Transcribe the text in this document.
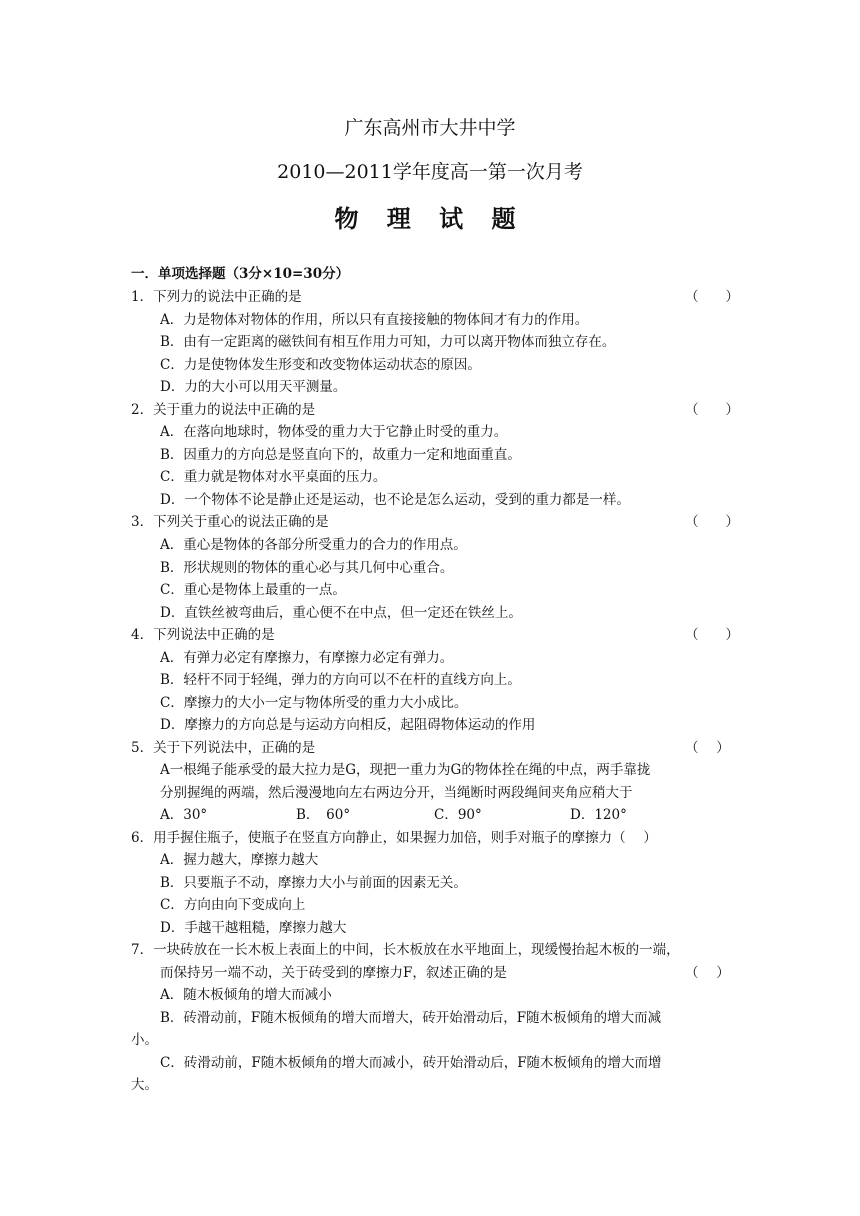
广东高州市大井中学
2010—2011学年度高一第一次月考
物 理 试 题
一．单项选择题（3分×10=30分）
1．下列力的说法中正确的是	（　　）
A．力是物体对物体的作用，所以只有直接接触的物体间才有力的作用。
B．由有一定距离的磁铁间有相互作用力可知，力可以离开物体而独立存在。
C．力是使物体发生形变和改变物体运动状态的原因。
D．力的大小可以用天平测量。
2．关于重力的说法中正确的是	（　　）
A．在落向地球时，物体受的重力大于它静止时受的重力。
B．因重力的方向总是竖直向下的，故重力一定和地面重直。
C．重力就是物体对水平桌面的压力。
D．一个物体不论是静止还是运动，也不论是怎么运动，受到的重力都是一样。
3．下列关于重心的说法正确的是	（　　）
A．重心是物体的各部分所受重力的合力的作用点。
B．形状规则的物体的重心必与其几何中心重合。
C．重心是物体上最重的一点。
D．直铁丝被弯曲后，重心便不在中点，但一定还在铁丝上。
4．下列说法中正确的是	（　　）
A．有弹力必定有摩擦力，有摩擦力必定有弹力。
B．轻杆不同于轻绳，弹力的方向可以不在杆的直线方向上。
C．摩擦力的大小一定与物体所受的重力大小成比。
D．摩擦力的方向总是与运动方向相反，起阻碍物体运动的作用
5．关于下列说法中，正确的是	（　 ）
A一根绳子能承受的最大拉力是G，现把一重力为G的物体拴在绳的中点，两手靠拢
分别握绳的两端，然后漫漫地向左右两边分开，当绳断时两段绳间夹角应稍大于
A．30°	B．　60°	C．90°	D．120°
6．用手握住瓶子，使瓶子在竖直方向静止，如果握力加倍，则手对瓶子的摩擦力（　 ）
A．握力越大，摩擦力越大
B．只要瓶子不动，摩擦力大小与前面的因素无关。
C．方向由向下变成向上
D．手越干越粗糙，摩擦力越大
7．一块砖放在一长木板上表面上的中间，长木板放在水平地面上，现缓慢抬起木板的一端，
而保持另一端不动，关于砖受到的摩擦力F，叙述正确的是	（　 ）
A．随木板倾角的增大而减小
B．砖滑动前，F随木板倾角的增大而增大，砖开始滑动后，F随木板倾角的增大而减
小。
C．砖滑动前，F随木板倾角的增大而减小，砖开始滑动后，F随木板倾角的增大而增
大。
